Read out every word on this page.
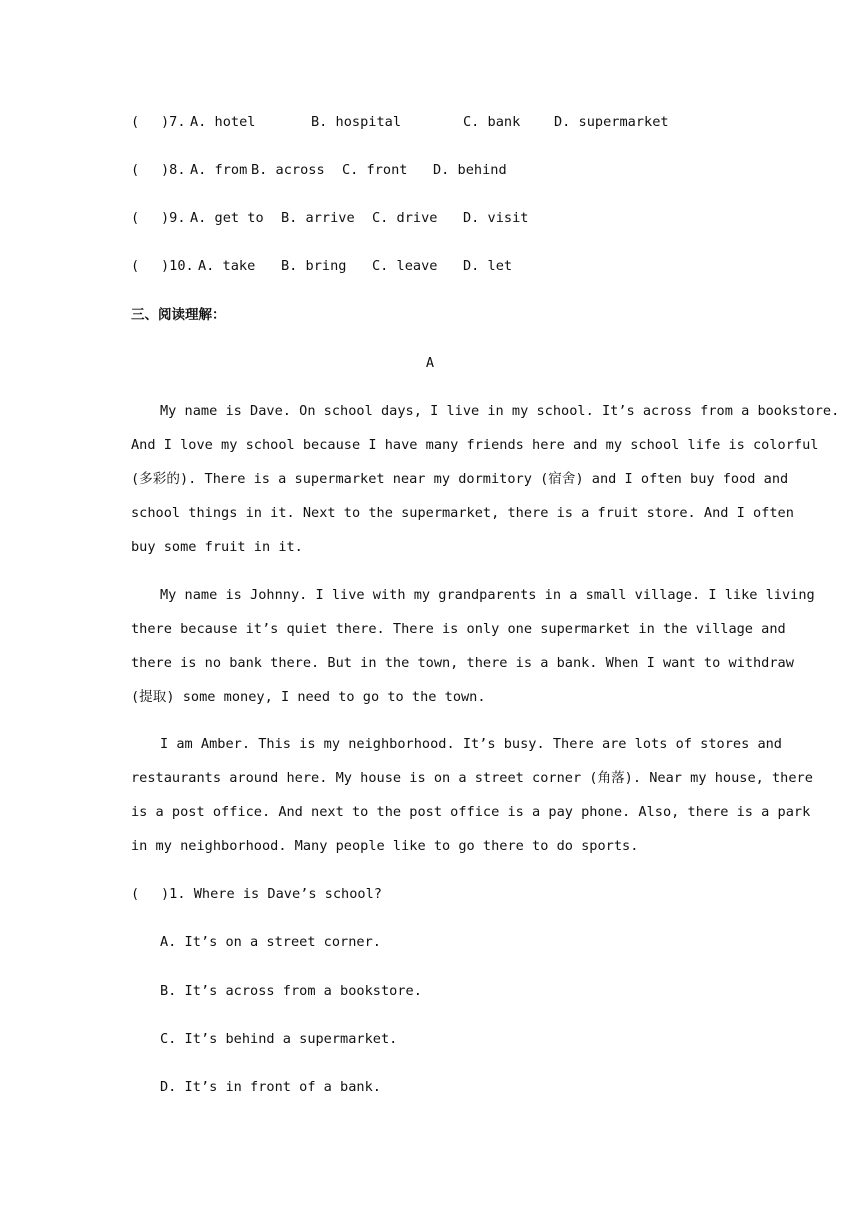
( )7. A. hotel	B. hospital	C. bank D. supermarket
( )8. A. from B. across C. front D. behind
( )9. A. get to B. arrive C. drive D. visit
( )10. A. take B. bring C. leave D. let
三、阅读理解：
A
My name is Dave. On school days, I live in my school. It’s across from a bookstore.
And I love my school because I have many friends here and my school life is colorful
(多彩的). There is a supermarket near my dormitory (宿舍) and I often buy food and
school things in it. Next to the supermarket, there is a fruit store. And I often
buy some fruit in it.
My name is Johnny. I live with my grandparents in a small village. I like living
there because it’s quiet there. There is only one supermarket in the village and
there is no bank there. But in the town, there is a bank. When I want to withdraw
(提取) some money, I need to go to the town.
I am Amber. This is my neighborhood. It’s busy. There are lots of stores and
restaurants around here. My house is on a street corner (角落). Near my house, there
is a post office. And next to the post office is a pay phone. Also, there is a park
in my neighborhood. Many people like to go there to do sports.
( )1. Where is Dave’s school?
A. It’s on a street corner.
B. It’s across from a bookstore.
C. It’s behind a supermarket.
D. It’s in front of a bank.
